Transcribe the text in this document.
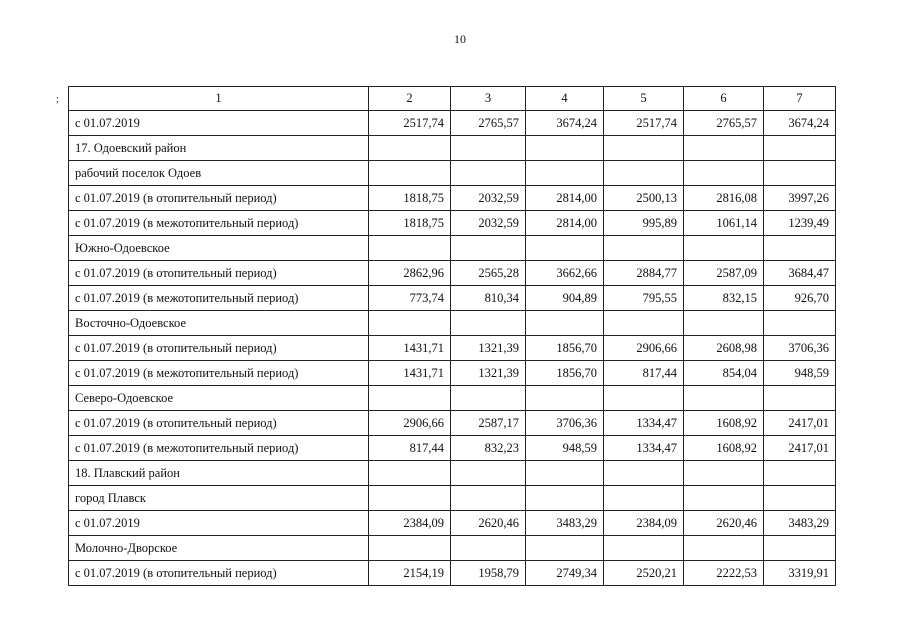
10
;	1	2	3	4	5	6	7
с 01.07.2019	2517,74	2765,57	3674,24	2517,74	2765,57	3674,24
17. Одоевский район						
рабочий поселок Одоев						
с 01.07.2019 (в отопительный период)	1818,75	2032,59	2814,00	2500,13	2816,08	3997,26
с 01.07.2019 (в межотопительный период)	1818,75	2032,59	2814,00	995,89	1061,14	1239,49
Южно-Одоевское						
с 01.07.2019 (в отопительный период)	2862,96	2565,28	3662,66	2884,77	2587,09	3684,47
с 01.07.2019 (в межотопительный период)	773,74	810,34	904,89	795,55	832,15	926,70
Восточно-Одоевское						
с 01.07.2019 (в отопительный период)	1431,71	1321,39	1856,70	2906,66	2608,98	3706,36
с 01.07.2019 (в межотопительный период)	1431,71	1321,39	1856,70	817,44	854,04	948,59
Северо-Одоевское						
с 01.07.2019 (в отопительный период)	2906,66	2587,17	3706,36	1334,47	1608,92	2417,01
с 01.07.2019 (в межотопительный период)	817,44	832,23	948,59	1334,47	1608,92	2417,01
18. Плавский район						
город Плавск						
с 01.07.2019	2384,09	2620,46	3483,29	2384,09	2620,46	3483,29
Молочно-Дворское						
с 01.07.2019 (в отопительный период)	2154,19	1958,79	2749,34	2520,21	2222,53	3319,91
